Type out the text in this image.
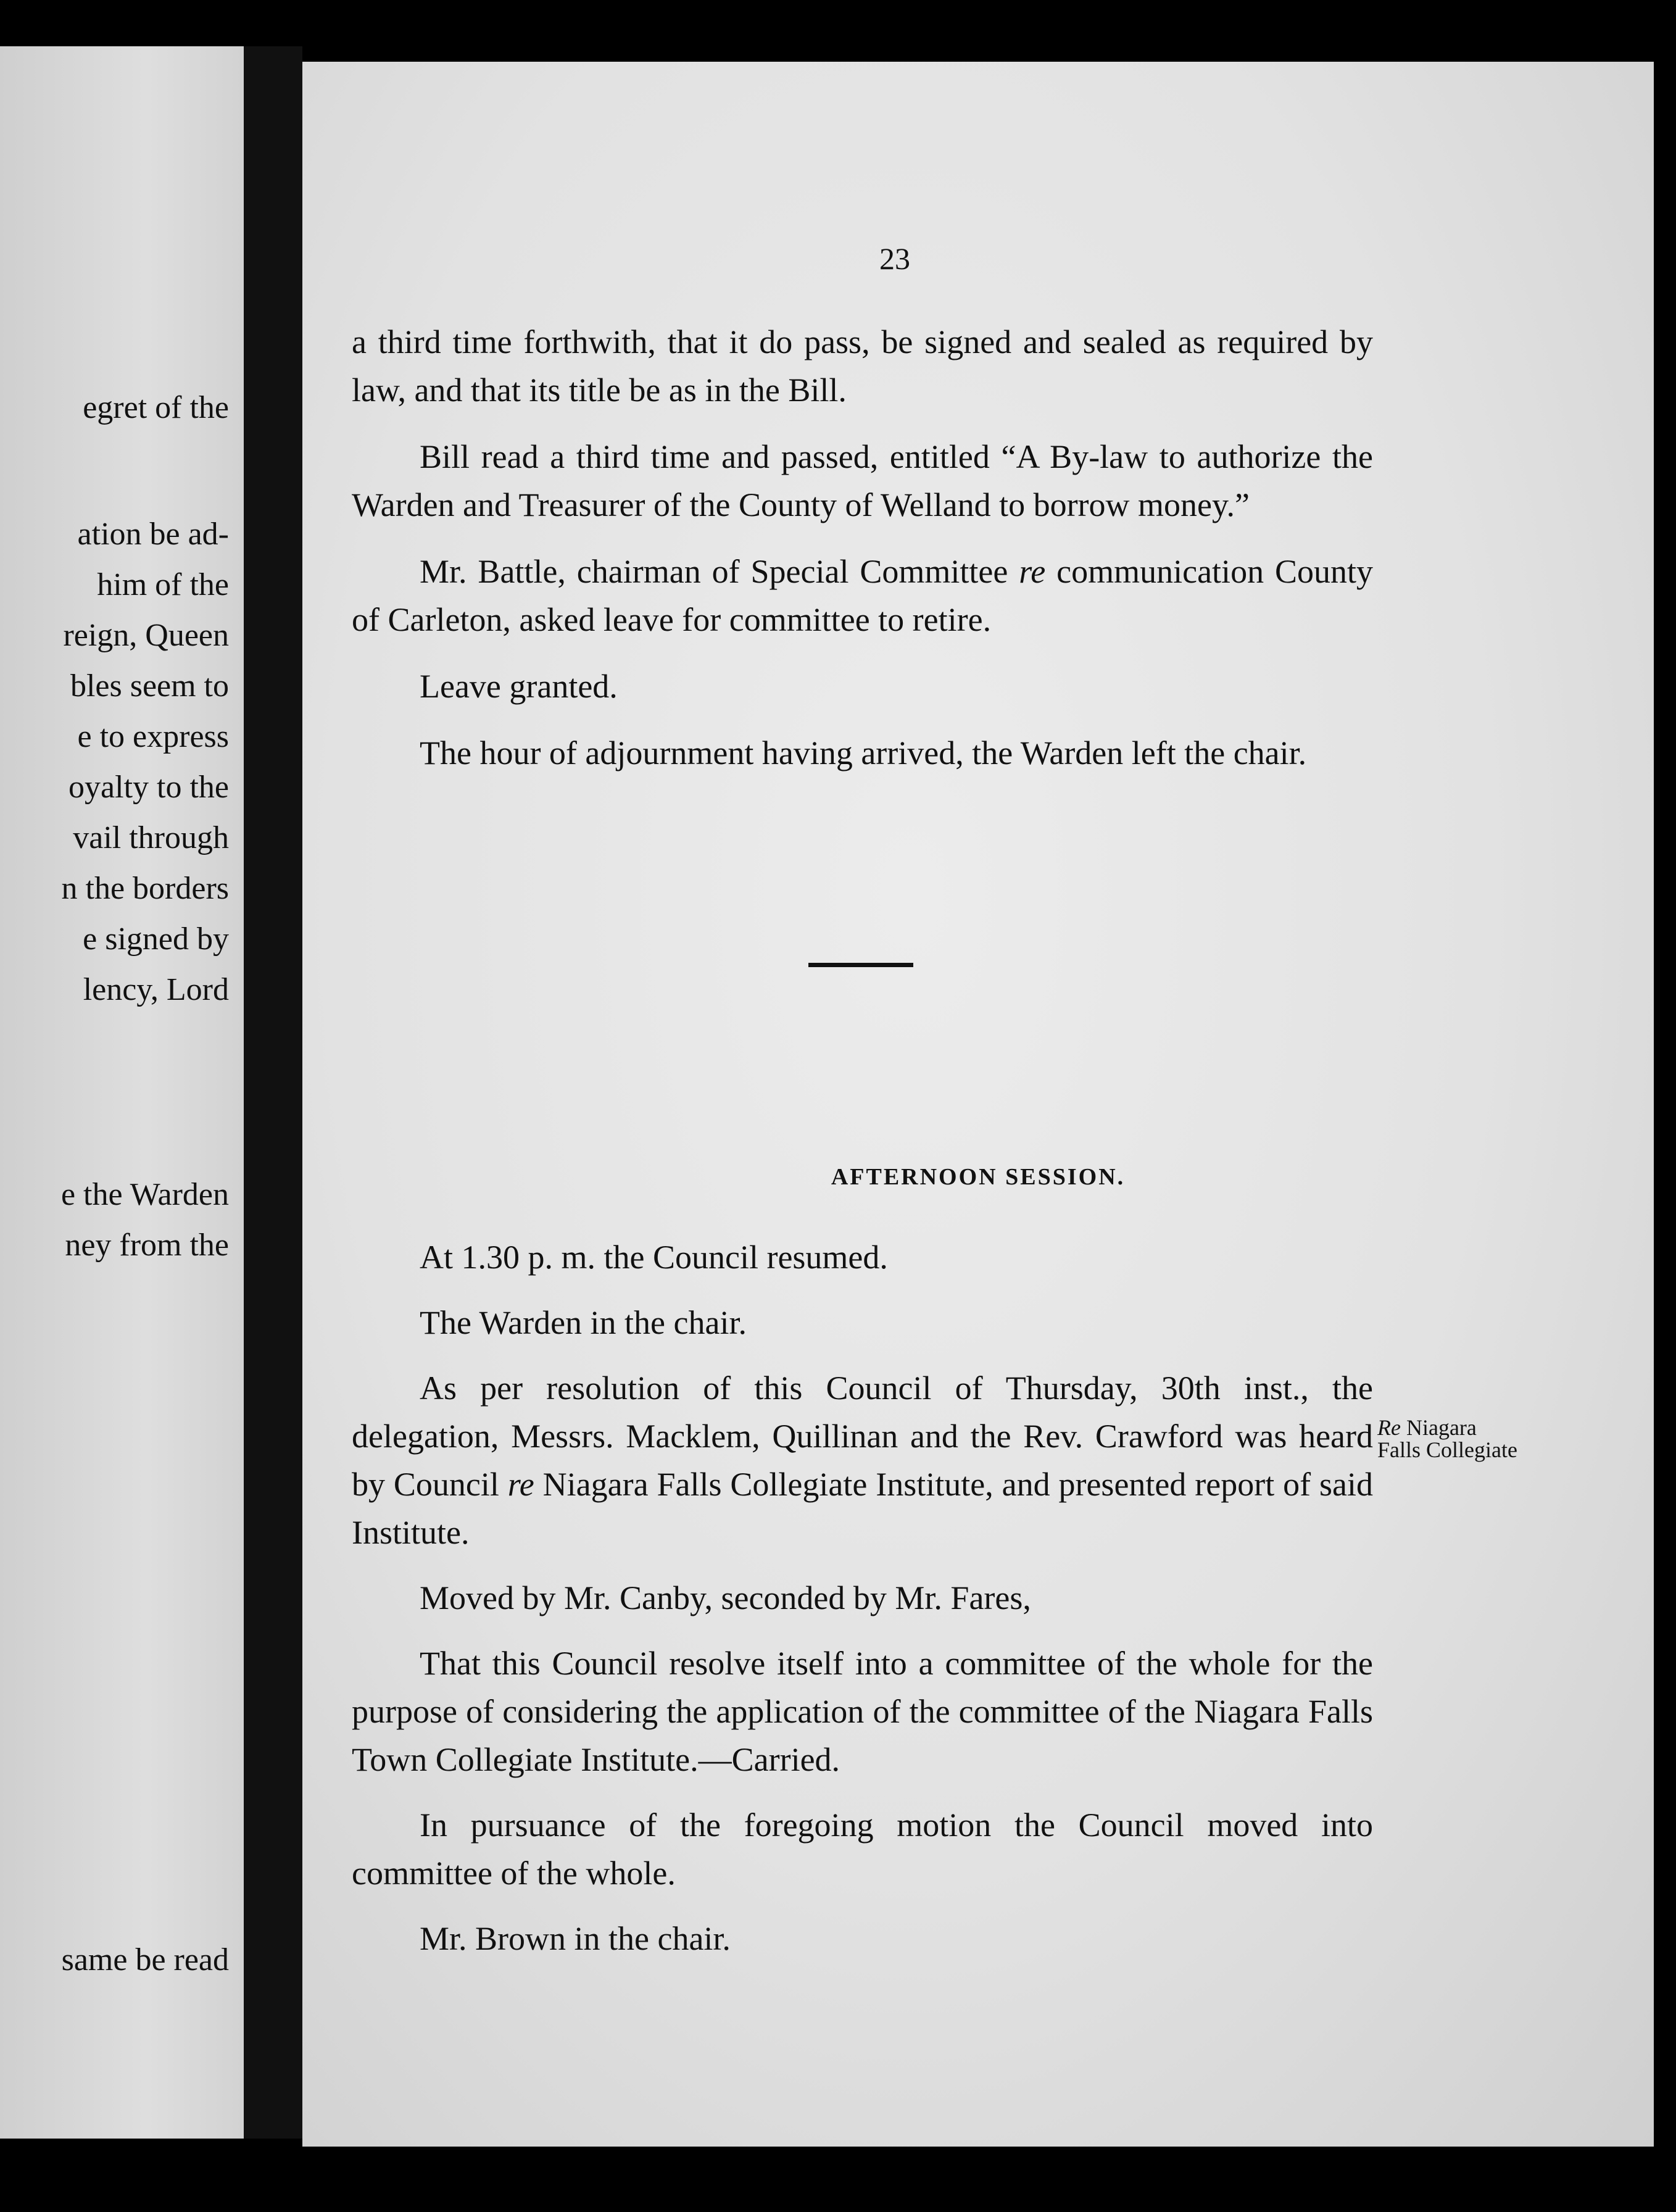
egret of the
ation be ad-
him of the
reign, Queen
bles seem to
e to express
oyalty to the
vail through
n the borders
e signed by
lency, Lord
e the Warden
ney from the
same be read
23
a third time forthwith, that it do pass, be signed and sealed as required by law, and that its title be as in the Bill.
Bill read a third time and passed, entitled “A By-law to authorize the Warden and Treasurer of the County of Welland to borrow money.”
Mr. Battle, chairman of Special Committee re communication County of Carleton, asked leave for committee to retire.
Leave granted.
The hour of adjournment having arrived, the Warden left the chair.
AFTERNOON SESSION.
At 1.30 p. m. the Council resumed.
The Warden in the chair.
As per resolution of this Council of Thursday, 30th inst., the delegation, Messrs. Macklem, Quillinan and the Rev. Crawford was heard by Council re Niagara Falls Collegiate Institute, and presented report of said Institute.
Moved by Mr. Canby, seconded by Mr. Fares,
That this Council resolve itself into a committee of the whole for the purpose of considering the application of the committee of the Niagara Falls Town Collegiate Institute.—Carried.
In pursuance of the foregoing motion the Council moved into committee of the whole.
Mr. Brown in the chair.
Re Niagara
Falls Collegiate
